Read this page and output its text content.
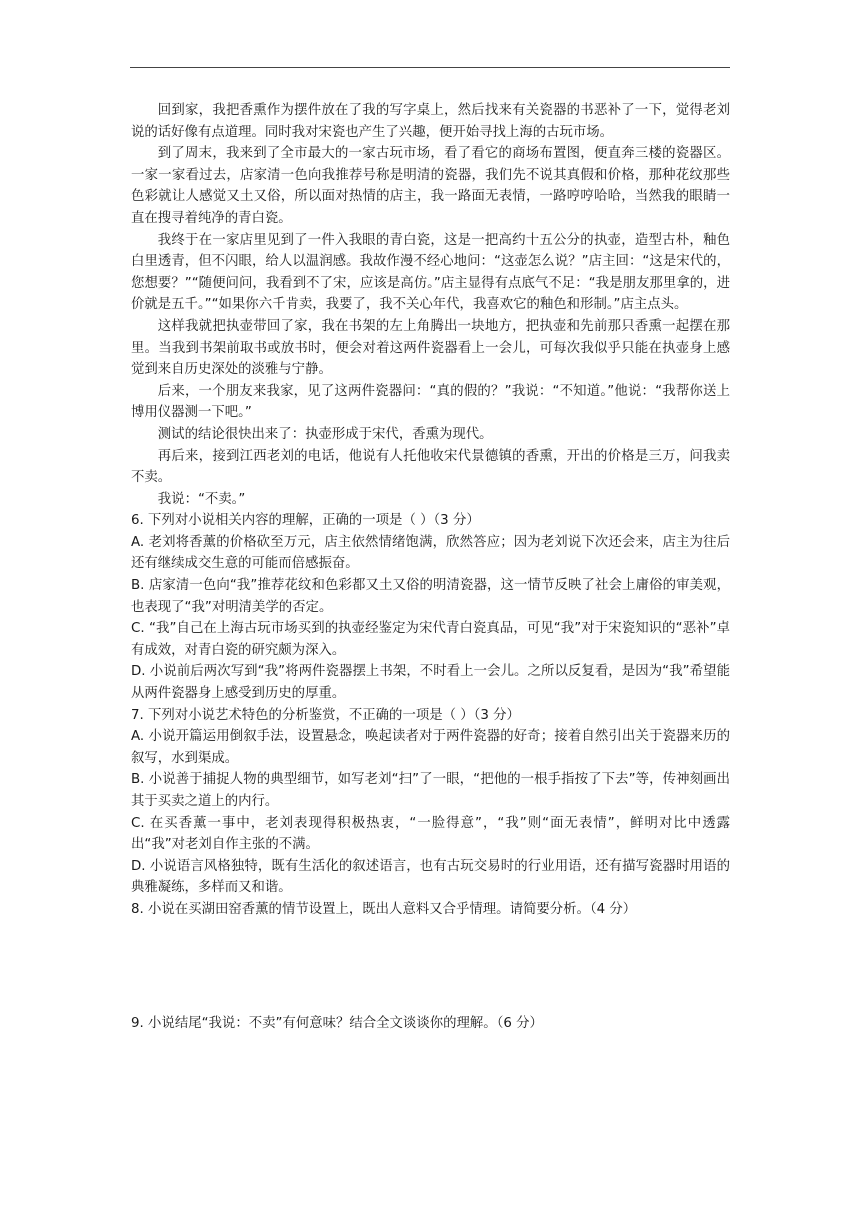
回到家，我把香熏作为摆件放在了我的写字桌上，然后找来有关瓷器的书恶补了一下，觉得老刘说的话好像有点道理。同时我对宋瓷也产生了兴趣，便开始寻找上海的古玩市场。

到了周末，我来到了全市最大的一家古玩市场，看了看它的商场布置图，便直奔三楼的瓷器区。一家一家看过去，店家清一色向我推荐号称是明清的瓷器，我们先不说其真假和价格，那种花纹那些色彩就让人感觉又土又俗，所以面对热情的店主，我一路面无表情，一路哼哼哈哈，当然我的眼睛一直在搜寻着纯净的青白瓷。

我终于在一家店里见到了一件入我眼的青白瓷，这是一把高约十五公分的执壶，造型古朴，釉色白里透青，但不闪眼，给人以温润感。我故作漫不经心地问：“这壶怎么说？”店主回：“这是宋代的，您想要？”“随便问问，我看到不了宋，应该是高仿。”店主显得有点底气不足：“我是朋友那里拿的，进价就是五千。”“如果你六千肯卖，我要了，我不关心年代，我喜欢它的釉色和形制。”店主点头。

这样我就把执壶带回了家，我在书架的左上角腾出一块地方，把执壶和先前那只香熏一起摆在那里。当我到书架前取书或放书时，便会对着这两件瓷器看上一会儿，可每次我似乎只能在执壶身上感觉到来自历史深处的淡雅与宁静。

后来，一个朋友来我家，见了这两件瓷器问：“真的假的？”我说：“不知道。”他说：“我帮你送上博用仪器测一下吧。”

测试的结论很快出来了：执壶形成于宋代，香熏为现代。

再后来，接到江西老刘的电话，他说有人托他收宋代景德镇的香熏，开出的价格是三万，问我卖不卖。

我说：“不卖。”

6. 下列对小说相关内容的理解，正确的一项是（ ）（3 分）

A. 老刘将香薰的价格砍至万元，店主依然情绪饱满，欣然答应；因为老刘说下次还会来，店主为往后还有继续成交生意的可能而倍感振奋。

B. 店家清一色向“我”推荐花纹和色彩都又土又俗的明清瓷器，这一情节反映了社会上庸俗的审美观，也表现了“我”对明清美学的否定。

C. “我”自己在上海古玩市场买到的执壶经鉴定为宋代青白瓷真品，可见“我”对于宋瓷知识的“恶补”卓有成效，对青白瓷的研究颇为深入。

D. 小说前后两次写到“我”将两件瓷器摆上书架，不时看上一会儿。之所以反复看，是因为“我”希望能从两件瓷器身上感受到历史的厚重。

7. 下列对小说艺术特色的分析鉴赏，不正确的一项是（ ）（3 分）

A. 小说开篇运用倒叙手法，设置悬念，唤起读者对于两件瓷器的好奇；接着自然引出关于瓷器来历的叙写，水到渠成。

B. 小说善于捕捉人物的典型细节，如写老刘“扫”了一眼，“把他的一根手指按了下去”等，传神刻画出其于买卖之道上的内行。

C. 在买香薰一事中，老刘表现得积极热衷，“一脸得意”，“我”则“面无表情”，鲜明对比中透露出“我”对老刘自作主张的不满。

D. 小说语言风格独特，既有生活化的叙述语言，也有古玩交易时的行业用语，还有描写瓷器时用语的典雅凝练，多样而又和谐。

8. 小说在买湖田窑香薰的情节设置上，既出人意料又合乎情理。请简要分析。（4 分）

9. 小说结尾“我说：不卖”有何意味？结合全文谈谈你的理解。（6 分）
